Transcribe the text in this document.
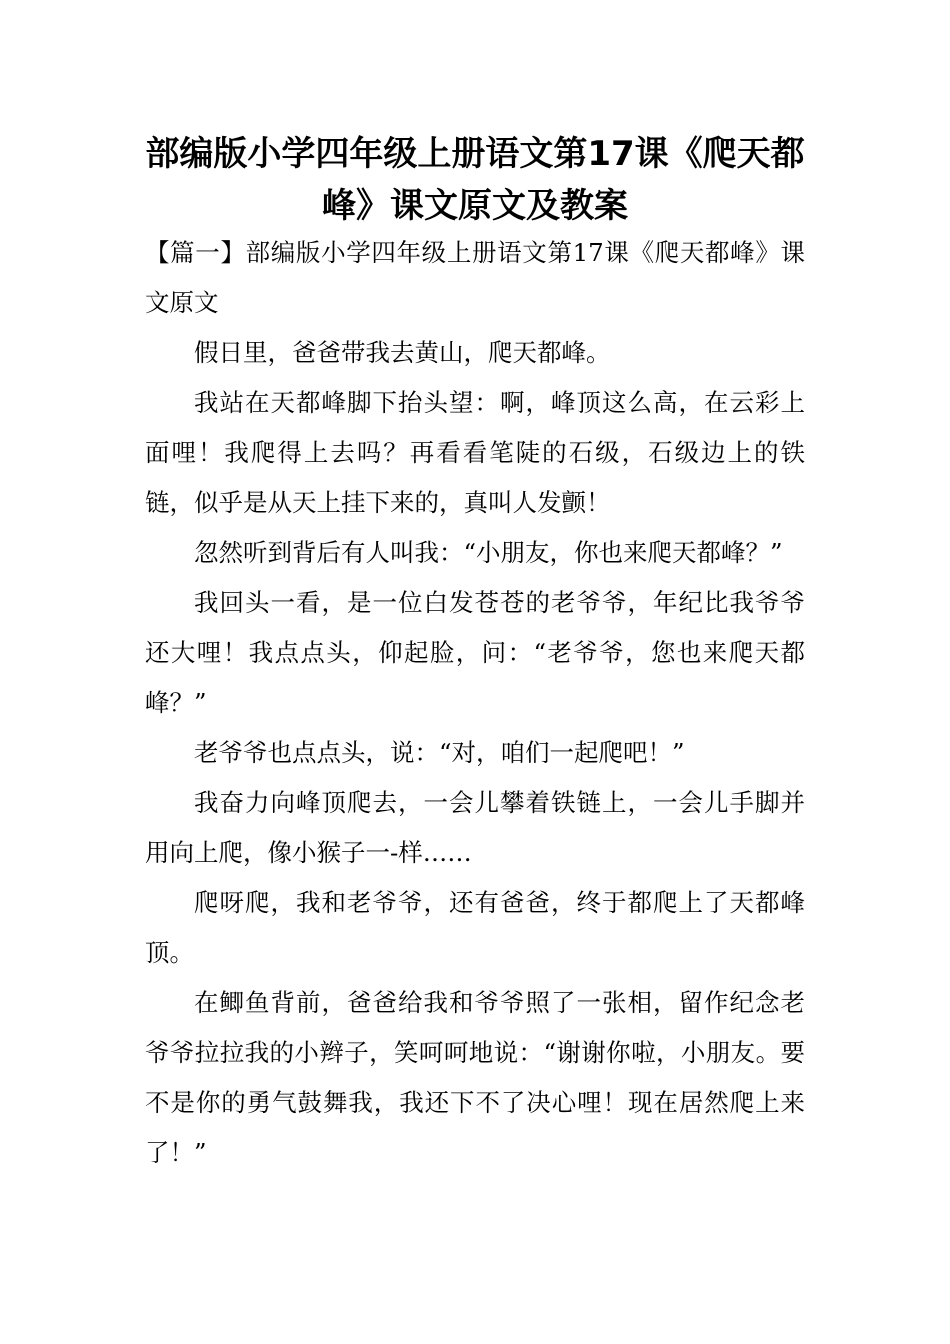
部编版小学四年级上册语文第17课《爬天都峰》课文原文及教案

【篇一】部编版小学四年级上册语文第17课《爬天都峰》课文原文

假日里，爸爸带我去黄山，爬天都峰。

我站在天都峰脚下抬头望：啊，峰顶这么高，在云彩上面哩！我爬得上去吗？再看看笔陡的石级，石级边上的铁链，似乎是从天上挂下来的，真叫人发颤！

忽然听到背后有人叫我：“小朋友，你也来爬天都峰？”

我回头一看，是一位白发苍苍的老爷爷，年纪比我爷爷还大哩！我点点头，仰起脸，问：“老爷爷，您也来爬天都峰？”

老爷爷也点点头，说：“对，咱们一起爬吧！”

我奋力向峰顶爬去，一会儿攀着铁链上，一会儿手脚并用向上爬，像小猴子一-样……

爬呀爬，我和老爷爷，还有爸爸，终于都爬上了天都峰顶。

在鲫鱼背前，爸爸给我和爷爷照了一张相，留作纪念老爷爷拉拉我的小辫子，笑呵呵地说：“谢谢你啦，小朋友。要不是你的勇气鼓舞我，我还下不了决心哩！现在居然爬上来了！”
